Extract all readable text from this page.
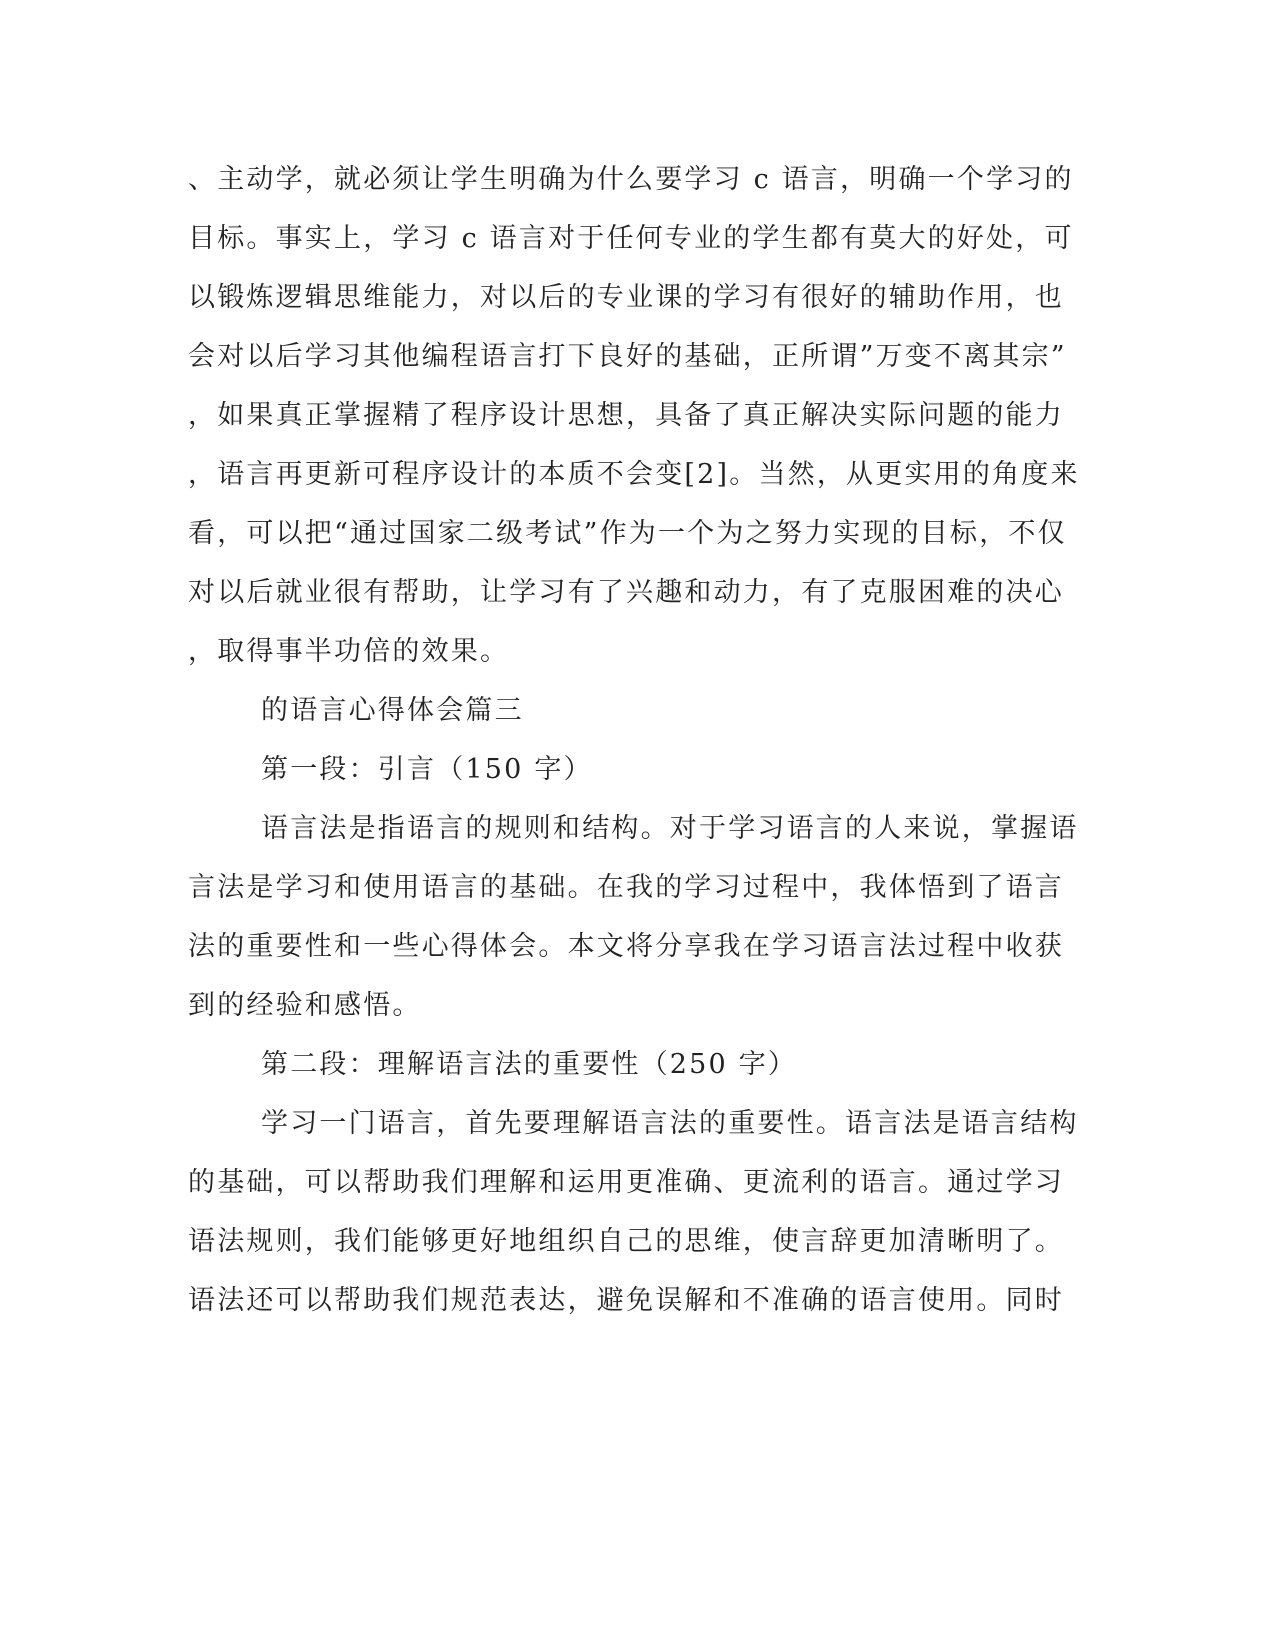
、主动学，就必须让学生明确为什么要学习 c 语言，明确一个学习的
目标。事实上，学习 c 语言对于任何专业的学生都有莫大的好处，可
以锻炼逻辑思维能力，对以后的专业课的学习有很好的辅助作用，也
会对以后学习其他编程语言打下良好的基础，正所谓”万变不离其宗”
，如果真正掌握精了程序设计思想，具备了真正解决实际问题的能力
，语言再更新可程序设计的本质不会变[2]。当然，从更实用的角度来
看，可以把“通过国家二级考试”作为一个为之努力实现的目标，不仅
对以后就业很有帮助，让学习有了兴趣和动力，有了克服困难的决心
，取得事半功倍的效果。
的语言心得体会篇三
第一段：引言（150 字）
语言法是指语言的规则和结构。对于学习语言的人来说，掌握语
言法是学习和使用语言的基础。在我的学习过程中，我体悟到了语言
法的重要性和一些心得体会。本文将分享我在学习语言法过程中收获
到的经验和感悟。
第二段：理解语言法的重要性（250 字）
学习一门语言，首先要理解语言法的重要性。语言法是语言结构
的基础，可以帮助我们理解和运用更准确、更流利的语言。通过学习
语法规则，我们能够更好地组织自己的思维，使言辞更加清晰明了。
语法还可以帮助我们规范表达，避免误解和不准确的语言使用。同时
